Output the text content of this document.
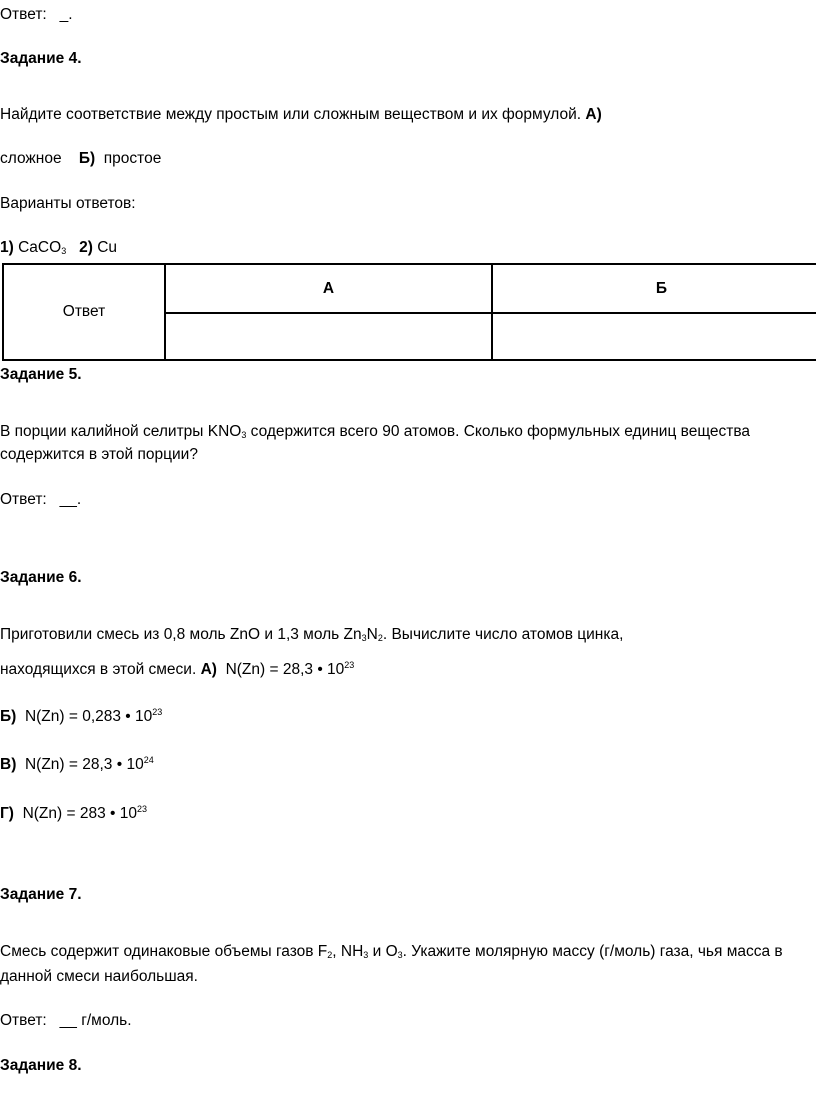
Ответ: _.
Задание 4.
Найдите соответствие между простым или сложным веществом и их формулой. А)
сложное Б) простое
Варианты ответов:
1) CaCO$_3$ 2) Cu
Ответ	А	Б

Задание 5.
В порции калийной селитры $KNO_3$ содержится всего 90 атомов. Сколько формульных единиц вещества
содержится в этой порции?
Ответ: __.
Задание 6.
Приготовили смесь из 0,8 моль ZnO и 1,3 моль $Zn_3N_2$. Вычислите число атомов цинка,
находящихся в этой смеси. А) N(Zn) = 28,3 • $10^{23}$
Б) N(Zn) = 0,283 • $10^{23}$
В) N(Zn) = 28,3 • $10^{24}$
Г) N(Zn) = 283 • $10^{23}$
Задание 7.
Смесь содержит одинаковые объемы газов $F_2$, $NH_3$ и $O_3$. Укажите молярную массу (г/моль) газа, чья масса в
данной смеси наибольшая.
Ответ: __ г/моль.
Задание 8.
